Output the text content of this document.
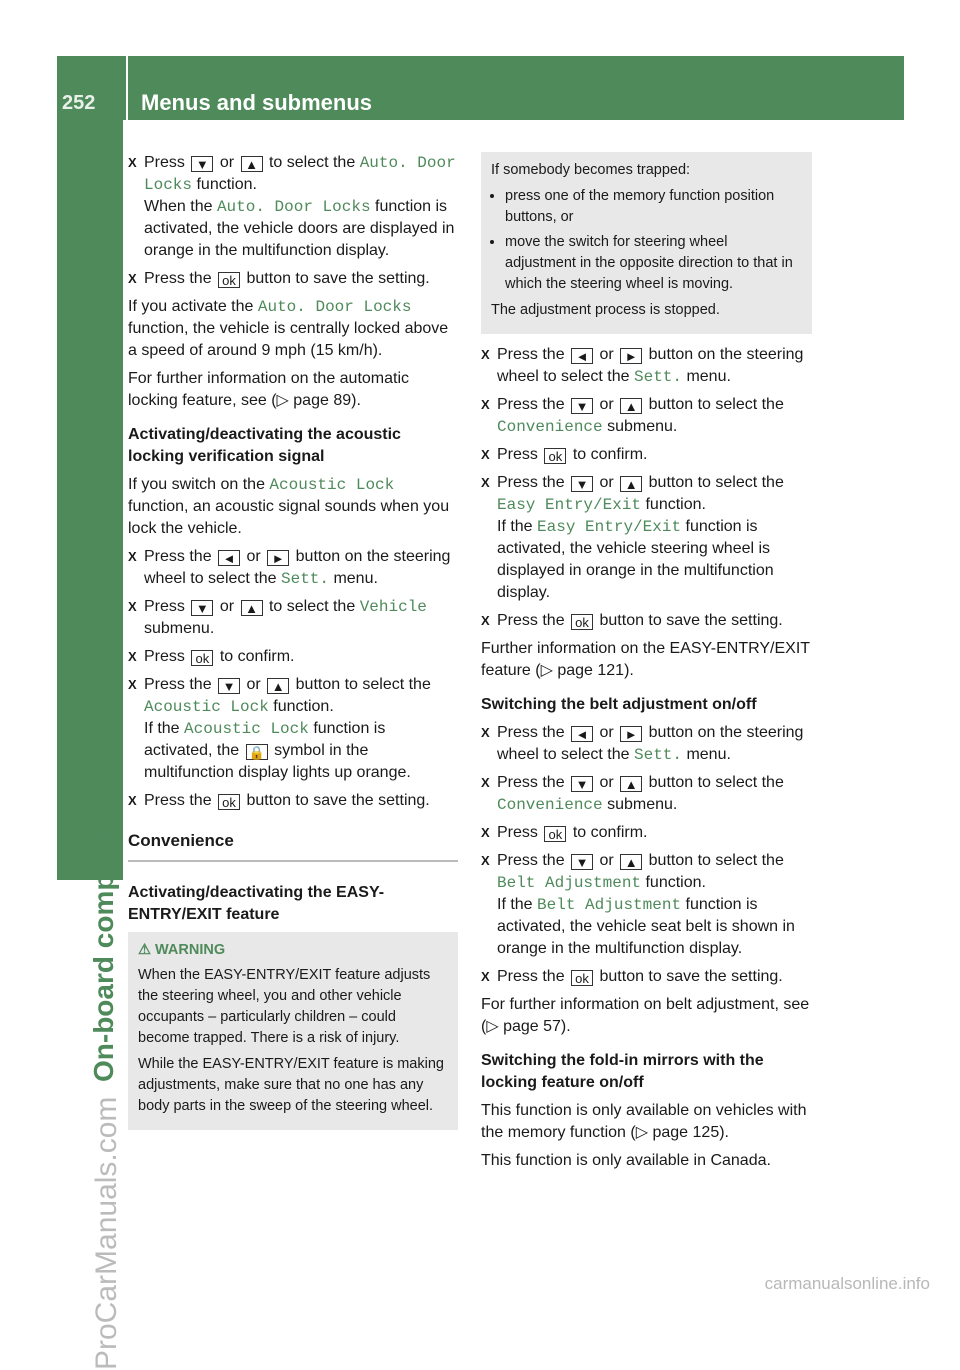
252	Menus and submenus
On-board computer and displays
ProCarManuals.com	carmanualsonline.info
X Press ▼ or ▲ to select the Auto. Door Locks function.
When the Auto. Door Locks function is activated, the vehicle doors are displayed in orange in the multifunction display.
X Press the ok button to save the setting.

If you activate the Auto. Door Locks function, the vehicle is centrally locked above a speed of around 9 mph (15 km/h).

For further information on the automatic locking feature, see (▷ page 89).

Activating/deactivating the acoustic locking verification signal

If you switch on the Acoustic Lock function, an acoustic signal sounds when you lock the vehicle.

X Press the ◄ or ► button on the steering wheel to select the Sett. menu.
X Press ▼ or ▲ to select the Vehicle
submenu.
X Press ok to confirm.
X Press the ▼ or ▲ button to select the Acoustic Lock function.
If the Acoustic Lock function is activated, the 🔒 symbol in the multifunction display lights up orange.
X Press the ok button to save the setting.
Convenience
Activating/deactivating the EASY-ENTRY/EXIT feature
⚠ WARNING

When the EASY-ENTRY/EXIT feature adjusts the steering wheel, you and other vehicle occupants – particularly children – could become trapped. There is a risk of injury.

While the EASY-ENTRY/EXIT feature is making adjustments, make sure that no one has any body parts in the sweep of the steering wheel.

If somebody becomes trapped:

• press one of the memory function position buttons, or
• move the switch for steering wheel adjustment in the opposite direction to that in which the steering wheel is moving.

The adjustment process is stopped.

X Press the ◄ or ► button on the steering wheel to select the Sett. menu.
X Press the ▼ or ▲ button to select the Convenience submenu.
X Press ok to confirm.
X Press the ▼ or ▲ button to select the Easy Entry/Exit function.
If the Easy Entry/Exit function is activated, the vehicle steering wheel is displayed in orange in the multifunction display.
X Press the ok button to save the setting.

Further information on the EASY-ENTRY/EXIT feature (▷ page 121).

Switching the belt adjustment on/off
X Press the ◄ or ► button on the steering wheel to select the Sett. menu.
X Press the ▼ or ▲ button to select the Convenience submenu.
X Press ok to confirm.
X Press the ▼ or ▲ button to select the Belt Adjustment function.
If the Belt Adjustment function is activated, the vehicle seat belt is shown in orange in the multifunction display.
X Press the ok button to save the setting.

For further information on belt adjustment, see (▷ page 57).

Switching the fold-in mirrors with the locking feature on/off

This function is only available on vehicles with the memory function (▷ page 125).

This function is only available in Canada.
